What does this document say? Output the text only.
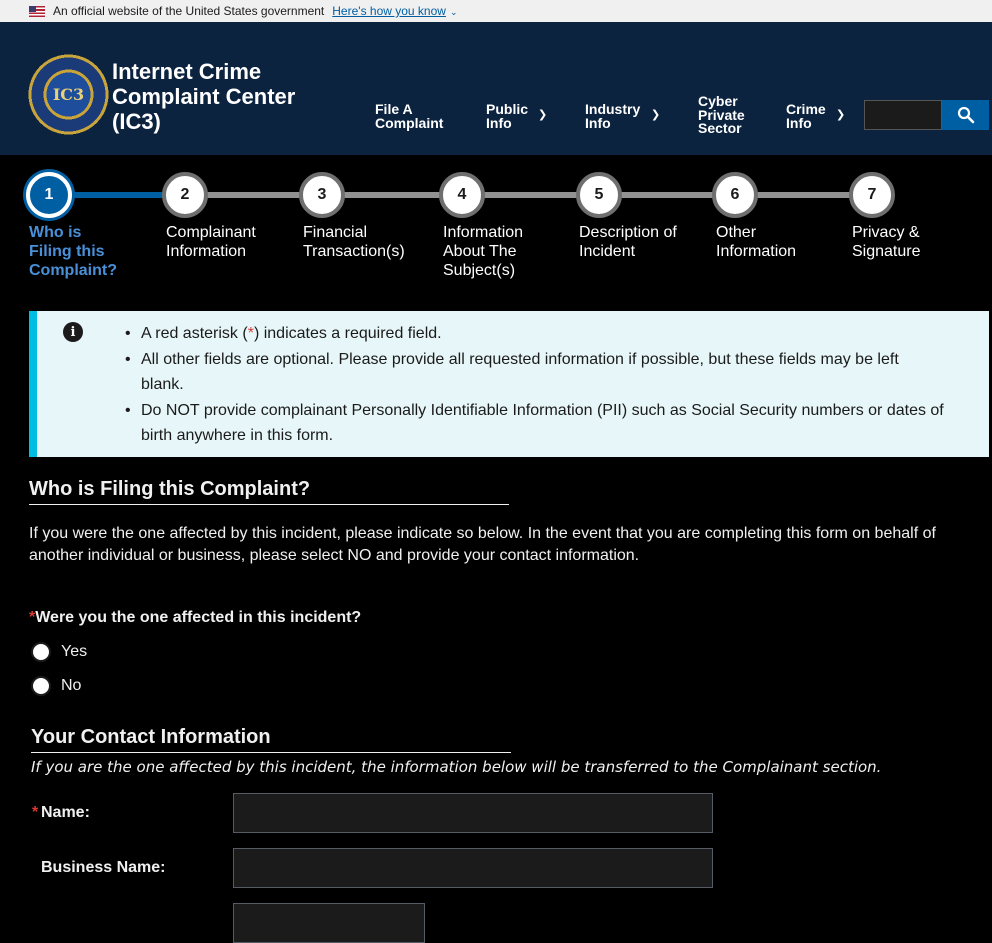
An official website of the United States government Here's how you know ⌄
IC3
Internet Crime
Complaint Center
(IC3)	File A
Complaint
Public
Info	❯	Industry
Info	❯
Cyber
Private
Sector
Crime
Info	❯
1	2	3	4	5	6	7
Who is
Filing this
Complaint?
Complainant
Information
Financial
Transaction(s)
Information
About The
Subject(s)
Description of
Incident
Other
Information
Privacy &
Signature
i
•	A red asterisk (*) indicates a required field.
• All other fields are optional. Please provide all requested information if possible, but these fields may be left blank.
• Do NOT provide complainant Personally Identifiable Information (PII) such as Social Security numbers or dates of birth anywhere in this form.
Who is Filing this Complaint?
If you were the one affected by this incident, please indicate so below. In the event that you are completing this form on behalf of another individual or business, please select NO and provide your contact information.
*Were you the one affected in this incident?
Yes
No
Your Contact Information
If you are the one affected by this incident, the information below will be transferred to the Complainant section.
* Name:
Business Name:
